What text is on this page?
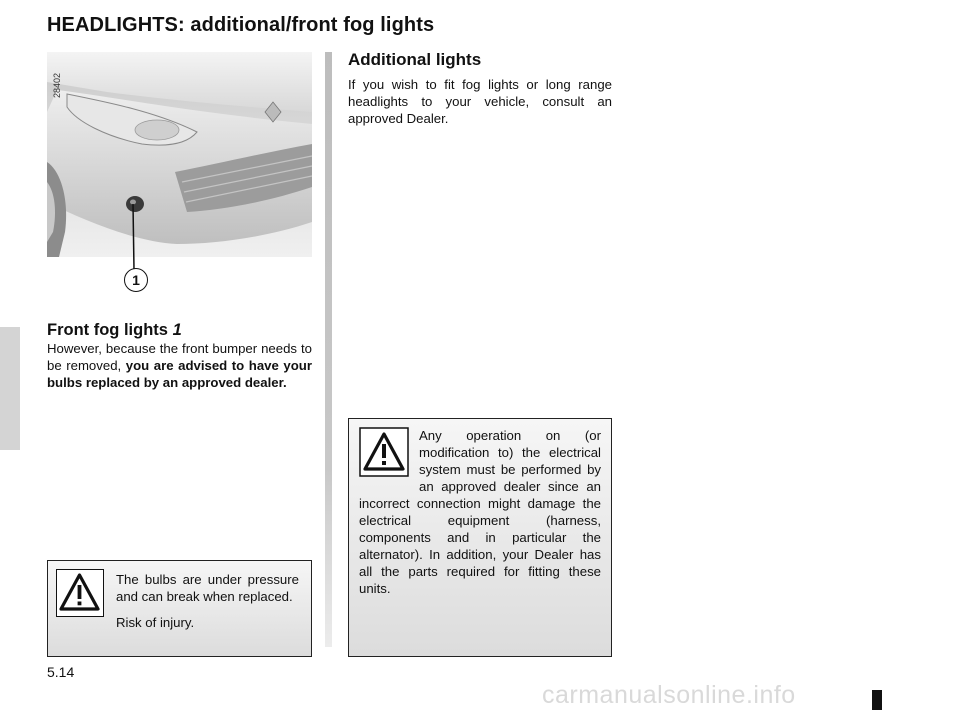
HEADLIGHTS: additional/front fog lights
28402
1
Front fog lights 1

However, because the front bumper needs to be removed, you are advised to have your bulbs replaced by an approved dealer.

Additional lights

If you wish to fit fog lights or long range headlights to your vehicle, consult an approved Dealer.

The bulbs are under pressure and can break when replaced.

Risk of injury.

Any operation on (or modification to) the electrical system must be performed by an approved dealer since an incorrect connection might damage the electrical equipment (harness, components and in particular the alternator). In addition, your Dealer has all the parts required for fitting these units.

5.14
carmanualsonline.info
